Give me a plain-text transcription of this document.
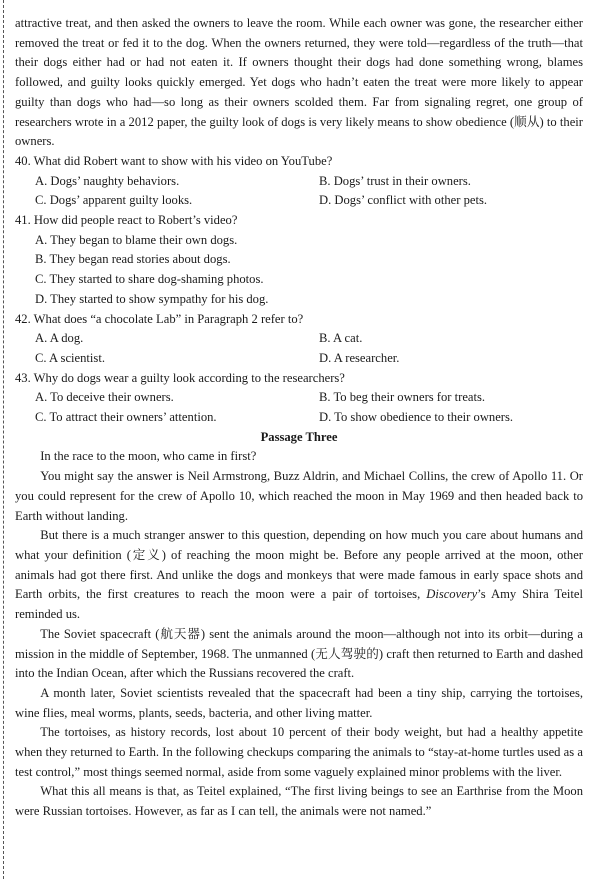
attractive treat, and then asked the owners to leave the room. While each owner was gone, the researcher either removed the treat or fed it to the dog. When the owners returned, they were told—regardless of the truth—that their dogs either had or had not eaten it. If owners thought their dogs had done something wrong, blames followed, and guilty looks quickly emerged. Yet dogs who hadn’t eaten the treat were more likely to appear guilty than dogs who had—so long as their owners scolded them. Far from signaling regret, one group of researchers wrote in a 2012 paper, the guilty look of dogs is very likely means to show obedience (顺从) to their owners.

40. What did Robert want to show with his video on YouTube?

A. Dogs’ naughty behaviors.	B. Dogs’ trust in their owners.
C. Dogs’ apparent guilty looks.	D. Dogs’ conflict with other pets.

41. How did people react to Robert’s video?

A. They began to blame their own dogs.

B. They began read stories about dogs.

C. They started to share dog-shaming photos.

D. They started to show sympathy for his dog.

42. What does “a chocolate Lab” in Paragraph 2 refer to?

A. A dog.	B. A cat.
C. A scientist.	D. A researcher.

43. Why do dogs wear a guilty look according to the researchers?

A. To deceive their owners.	B. To beg their owners for treats.
C. To attract their owners’ attention.	D. To show obedience to their owners.

Passage Three

In the race to the moon, who came in first?

You might say the answer is Neil Armstrong, Buzz Aldrin, and Michael Collins, the crew of Apollo 11. Or you could represent for the crew of Apollo 10, which reached the moon in May 1969 and then headed back to Earth without landing.

But there is a much stranger answer to this question, depending on how much you care about humans and what your definition (定义) of reaching the moon might be. Before any people arrived at the moon, other animals had got there first. And unlike the dogs and monkeys that were made famous in early space shots and Earth orbits, the first creatures to reach the moon were a pair of tortoises, Discovery’s Amy Shira Teitel reminded us.

The Soviet spacecraft (航天器) sent the animals around the moon—although not into its orbit—during a mission in the middle of September, 1968. The unmanned (无人驾驶的) craft then returned to Earth and dashed into the Indian Ocean, after which the Russians recovered the craft.

A month later, Soviet scientists revealed that the spacecraft had been a tiny ship, carrying the tortoises, wine flies, meal worms, plants, seeds, bacteria, and other living matter.

The tortoises, as history records, lost about 10 percent of their body weight, but had a healthy appetite when they returned to Earth. In the following checkups comparing the animals to “stay-at-home turtles used as a test control,” most things seemed normal, aside from some vaguely explained minor problems with the liver.

What this all means is that, as Teitel explained, “The first living beings to see an Earthrise from the Moon were Russian tortoises. However, as far as I can tell, the animals were not named.”
